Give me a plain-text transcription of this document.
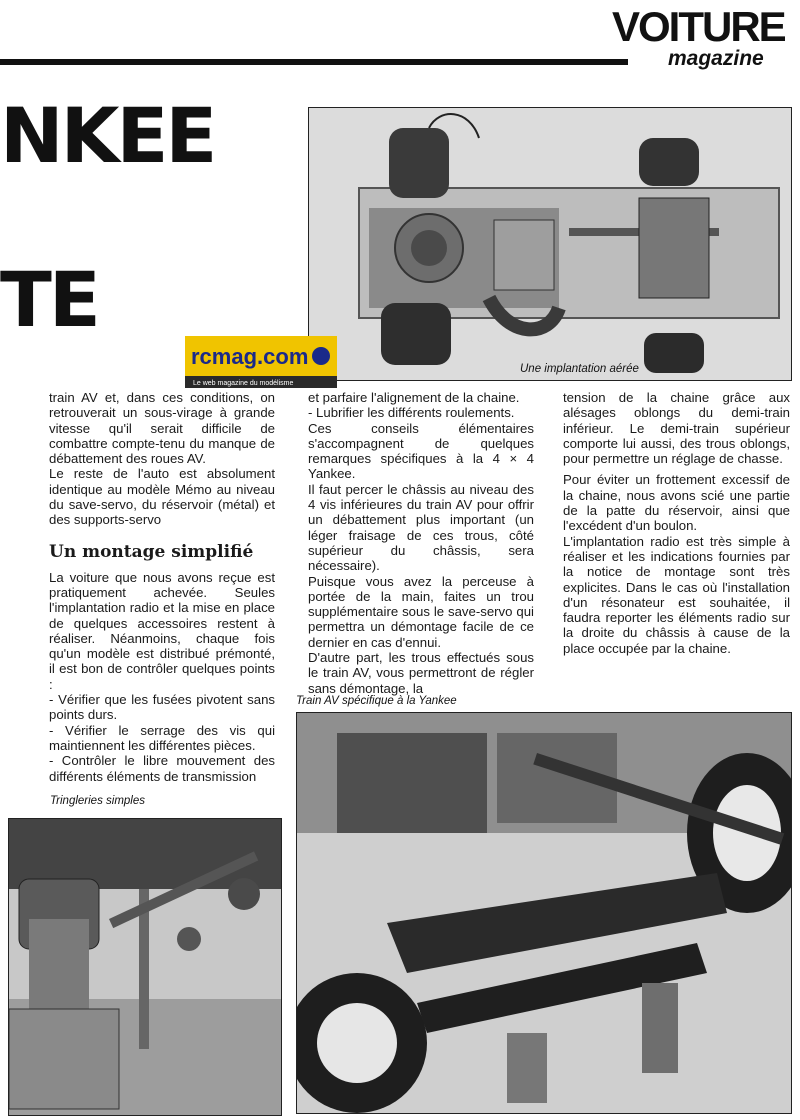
VOITURE
magazine
NKEE
TE
Une implantation aérée
rcmag.com
Le web magazine du modélisme
Train AV spécifique à la Yankee
Tringleries simples

train AV et, dans ces conditions, on retrouverait un sous-virage à grande vitesse qu'il serait difficile de combattre compte-tenu du manque de débattement des roues AV.

Le reste de l'auto est absolument identique au modèle Mémo au niveau du save-servo, du réservoir (métal) et des supports-servo

Un montage simplifié

La voiture que nous avons reçue est pratiquement achevée. Seules l'implantation radio et la mise en place de quelques accessoires restent à réaliser. Néanmoins, chaque fois qu'un modèle est distribué prémonté, il est bon de contrôler quelques points :

- Vérifier que les fusées pivotent sans points durs.

- Vérifier le serrage des vis qui maintiennent les différentes pièces.

- Contrôler le libre mouvement des différents éléments de transmission

et parfaire l'alignement de la chaine.

- Lubrifier les différents roulements.

Ces conseils élémentaires s'accompagnent de quelques remarques spécifiques à la 4 × 4 Yankee.

Il faut percer le châssis au niveau des 4 vis inférieures du train AV pour offrir un débattement plus important (un léger fraisage de ces trous, côté supérieur du châssis, sera nécessaire).

Puisque vous avez la perceuse à portée de la main, faites un trou supplémentaire sous le save-servo qui permettra un démontage facile de ce dernier en cas d'ennui.

D'autre part, les trous effectués sous le train AV, vous permettront de régler sans démontage, la

tension de la chaine grâce aux alésages oblongs du demi-train inférieur. Le demi-train supérieur comporte lui aussi, des trous oblongs, pour permettre un réglage de chasse.

Pour éviter un frottement excessif de la chaine, nous avons scié une partie de la patte du réservoir, ainsi que l'excédent d'un boulon.

L'implantation radio est très simple à réaliser et les indications fournies par la notice de montage sont très explicites. Dans le cas où l'installation d'un résonateur est souhaitée, il faudra reporter les éléments radio sur la droite du châssis à cause de la place occupée par la chaine.
